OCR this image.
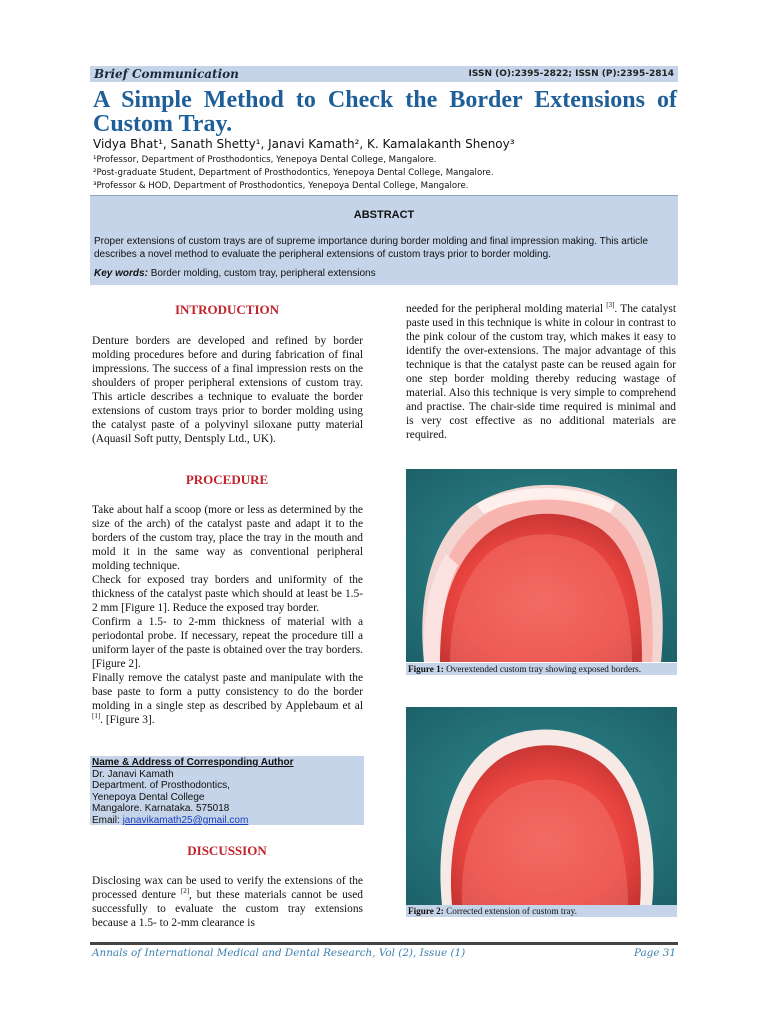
Brief Communication	ISSN (O):2395-2822; ISSN (P):2395-2814
A Simple Method to Check the Border Extensions of Custom Tray.
Vidya Bhat¹, Sanath Shetty¹, Janavi Kamath², K. Kamalakanth Shenoy³
¹Professor, Department of Prosthodontics, Yenepoya Dental College, Mangalore.
²Post-graduate Student, Department of Prosthodontics, Yenepoya Dental College, Mangalore.
³Professor & HOD, Department of Prosthodontics, Yenepoya Dental College, Mangalore.
ABSTRACT
Proper extensions of custom trays are of supreme importance during border molding and final impression making. This article describes a novel method to evaluate the peripheral extensions of custom trays prior to border molding.
Key words: Border molding, custom tray, peripheral extensions
INTRODUCTION
Denture borders are developed and refined by border molding procedures before and during fabrication of final impressions. The success of a final impression rests on the shoulders of proper peripheral extensions of custom tray. This article describes a technique to evaluate the border extensions of custom trays prior to border molding using the catalyst paste of a polyvinyl siloxane putty material (Aquasil Soft putty, Dentsply Ltd., UK).
PROCEDURE
Take about half a scoop (more or less as determined by the size of the arch) of the catalyst paste and adapt it to the borders of the custom tray, place the tray in the mouth and mold it in the same way as conventional peripheral molding technique.
Check for exposed tray borders and uniformity of the thickness of the catalyst paste which should at least be 1.5-2 mm [Figure 1]. Reduce the exposed tray border.
Confirm a 1.5- to 2-mm thickness of material with a periodontal probe. If necessary, repeat the procedure till a uniform layer of the paste is obtained over the tray borders. [Figure 2].
Finally remove the catalyst paste and manipulate with the base paste to form a putty consistency to do the border molding in a single step as described by Applebaum et al [1]. [Figure 3].
Name & Address of Corresponding Author
Dr. Janavi Kamath
Department. of Prosthodontics,
Yenepoya Dental College
Mangalore. Karnataka. 575018
Email: janavikamath25@gmail.com
DISCUSSION
Disclosing wax can be used to verify the extensions of the processed denture [2], but these materials cannot be used successfully to evaluate the custom tray extensions because a 1.5- to 2-mm clearance is
needed for the peripheral molding material [3]. The catalyst paste used in this technique is white in colour in contrast to the pink colour of the custom tray, which makes it easy to identify the over-extensions. The major advantage of this technique is that the catalyst paste can be reused again for one step border molding thereby reducing wastage of material. Also this technique is very simple to comprehend and practise. The chair-side time required is minimal and is very cost effective as no additional materials are required.
Figure 1: Overextended custom tray showing exposed borders.
Figure 2: Corrected extension of custom tray.
Annals of International Medical and Dental Research, Vol (2), Issue (1)	Page 31
